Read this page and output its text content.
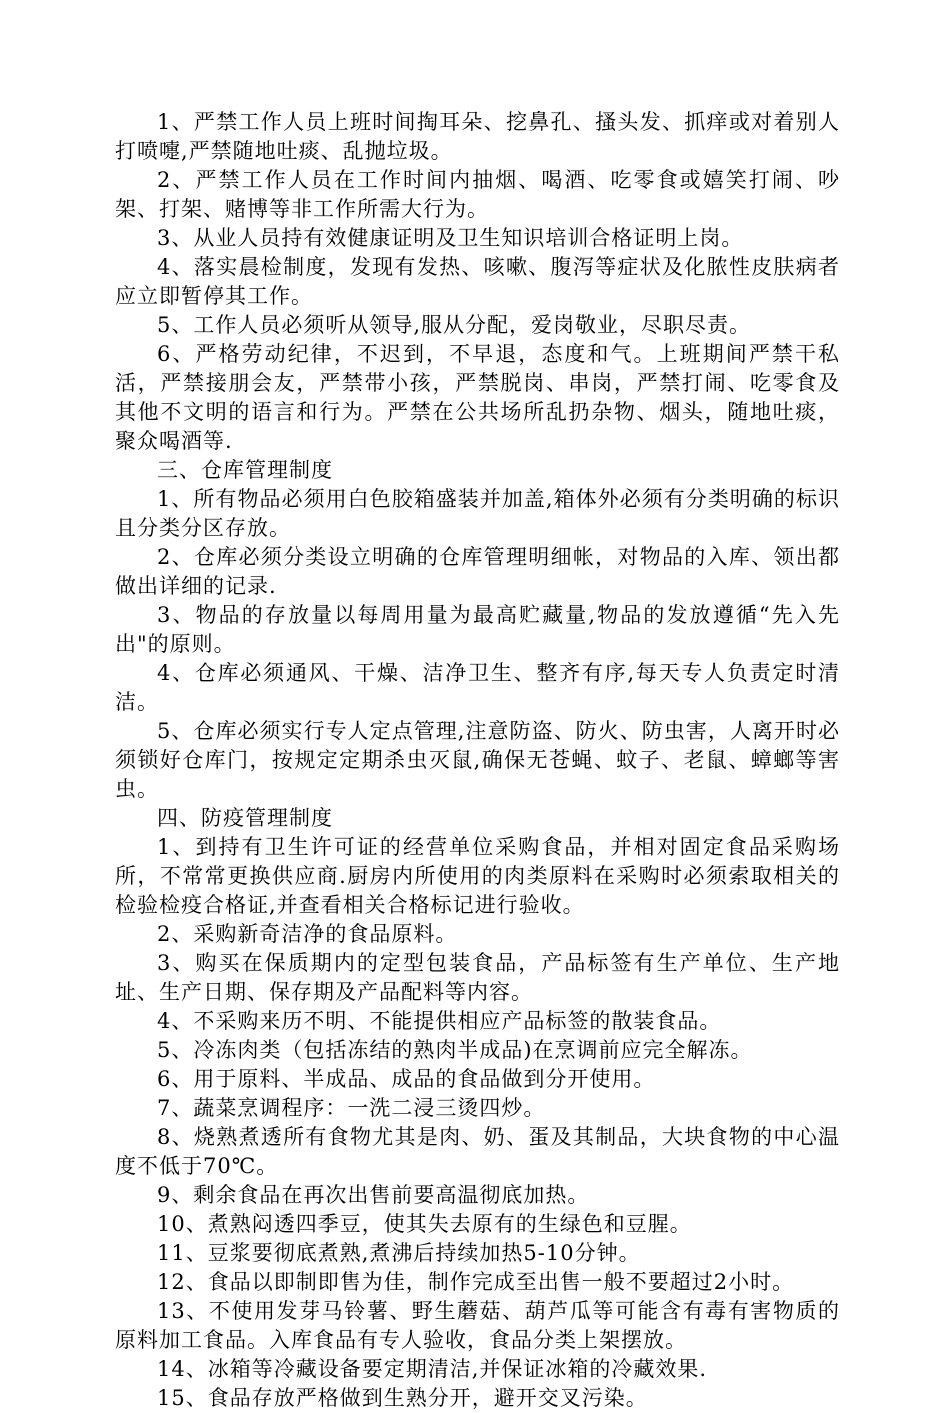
1、严禁工作人员上班时间掏耳朵、挖鼻孔、搔头发、抓痒或对着别人打喷嚏,严禁随地吐痰、乱抛垃圾。

2、严禁工作人员在工作时间内抽烟、喝酒、吃零食或嬉笑打闹、吵架、打架、赌博等非工作所需大行为。

3、从业人员持有效健康证明及卫生知识培训合格证明上岗。

4、落实晨检制度，发现有发热、咳嗽、腹泻等症状及化脓性皮肤病者应立即暂停其工作。

5、工作人员必须听从领导,服从分配，爱岗敬业，尽职尽责。

6、严格劳动纪律，不迟到，不早退，态度和气。上班期间严禁干私活，严禁接朋会友，严禁带小孩，严禁脱岗、串岗，严禁打闹、吃零食及其他不文明的语言和行为。严禁在公共场所乱扔杂物、烟头，随地吐痰，聚众喝酒等.

三、仓库管理制度

1、所有物品必须用白色胶箱盛装并加盖,箱体外必须有分类明确的标识且分类分区存放。

2、仓库必须分类设立明确的仓库管理明细帐，对物品的入库、领出都做出详细的记录.

3、物品的存放量以每周用量为最高贮藏量,物品的发放遵循“先入先出"的原则。

4、仓库必须通风、干燥、洁净卫生、整齐有序,每天专人负责定时清洁。

5、仓库必须实行专人定点管理,注意防盗、防火、防虫害，人离开时必须锁好仓库门，按规定定期杀虫灭鼠,确保无苍蝇、蚊子、老鼠、蟑螂等害虫。

四、防疫管理制度

1、到持有卫生许可证的经营单位采购食品，并相对固定食品采购场所，不常常更换供应商.厨房内所使用的肉类原料在采购时必须索取相关的检验检疫合格证,并查看相关合格标记进行验收。

2、采购新奇洁净的食品原料。

3、购买在保质期内的定型包装食品，产品标签有生产单位、生产地址、生产日期、保存期及产品配料等内容。

4、不采购来历不明、不能提供相应产品标签的散装食品。

5、冷冻肉类（包括冻结的熟肉半成品)在烹调前应完全解冻。

6、用于原料、半成品、成品的食品做到分开使用。

7、蔬菜烹调程序：一洗二浸三烫四炒。

8、烧熟煮透所有食物尤其是肉、奶、蛋及其制品，大块食物的中心温度不低于70℃。

9、剩余食品在再次出售前要高温彻底加热。

10、煮熟闷透四季豆，使其失去原有的生绿色和豆腥。

11、豆浆要彻底煮熟,煮沸后持续加热5-10分钟。

12、食品以即制即售为佳，制作完成至出售一般不要超过2小时。

13、不使用发芽马铃薯、野生蘑菇、葫芦瓜等可能含有毒有害物质的原料加工食品。入库食品有专人验收，食品分类上架摆放。

14、冰箱等冷藏设备要定期清洁,并保证冰箱的冷藏效果.

15、食品存放严格做到生熟分开，避开交叉污染。
